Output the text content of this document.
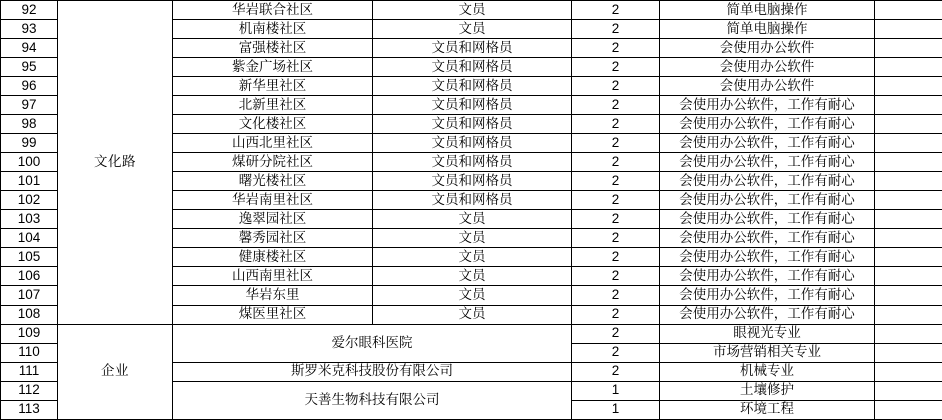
92	文化路	华岩联合社区	文员	2	简单电脑操作	
93		机南楼社区	文员	2	简单电脑操作	
94		富强楼社区	文员和网格员	2	会使用办公软件	
95		紫金广场社区	文员和网格员	2	会使用办公软件	
96		新华里社区	文员和网格员	2	会使用办公软件	
97		北新里社区	文员和网格员	2	会使用办公软件，工作有耐心	
98		文化楼社区	文员和网格员	2	会使用办公软件，工作有耐心	
99		山西北里社区	文员和网格员	2	会使用办公软件，工作有耐心	
100		煤研分院社区	文员和网格员	2	会使用办公软件，工作有耐心	
101		曙光楼社区	文员和网格员	2	会使用办公软件，工作有耐心	
102		华岩南里社区	文员和网格员	2	会使用办公软件，工作有耐心	
103		逸翠园社区	文员	2	会使用办公软件，工作有耐心	
104		馨秀园社区	文员	2	会使用办公软件，工作有耐心	
105		健康楼社区	文员	2	会使用办公软件，工作有耐心	
106		山西南里社区	文员	2	会使用办公软件，工作有耐心	
107		华岩东里	文员	2	会使用办公软件，工作有耐心	
108		煤医里社区	文员	2	会使用办公软件，工作有耐心	
109	企业	爱尔眼科医院		2	眼视光专业	
110				2	市场营销相关专业	
111		斯罗米克科技股份有限公司		2	机械专业	
112		天善生物科技有限公司		1	土壤修护	
113				1	环境工程	
